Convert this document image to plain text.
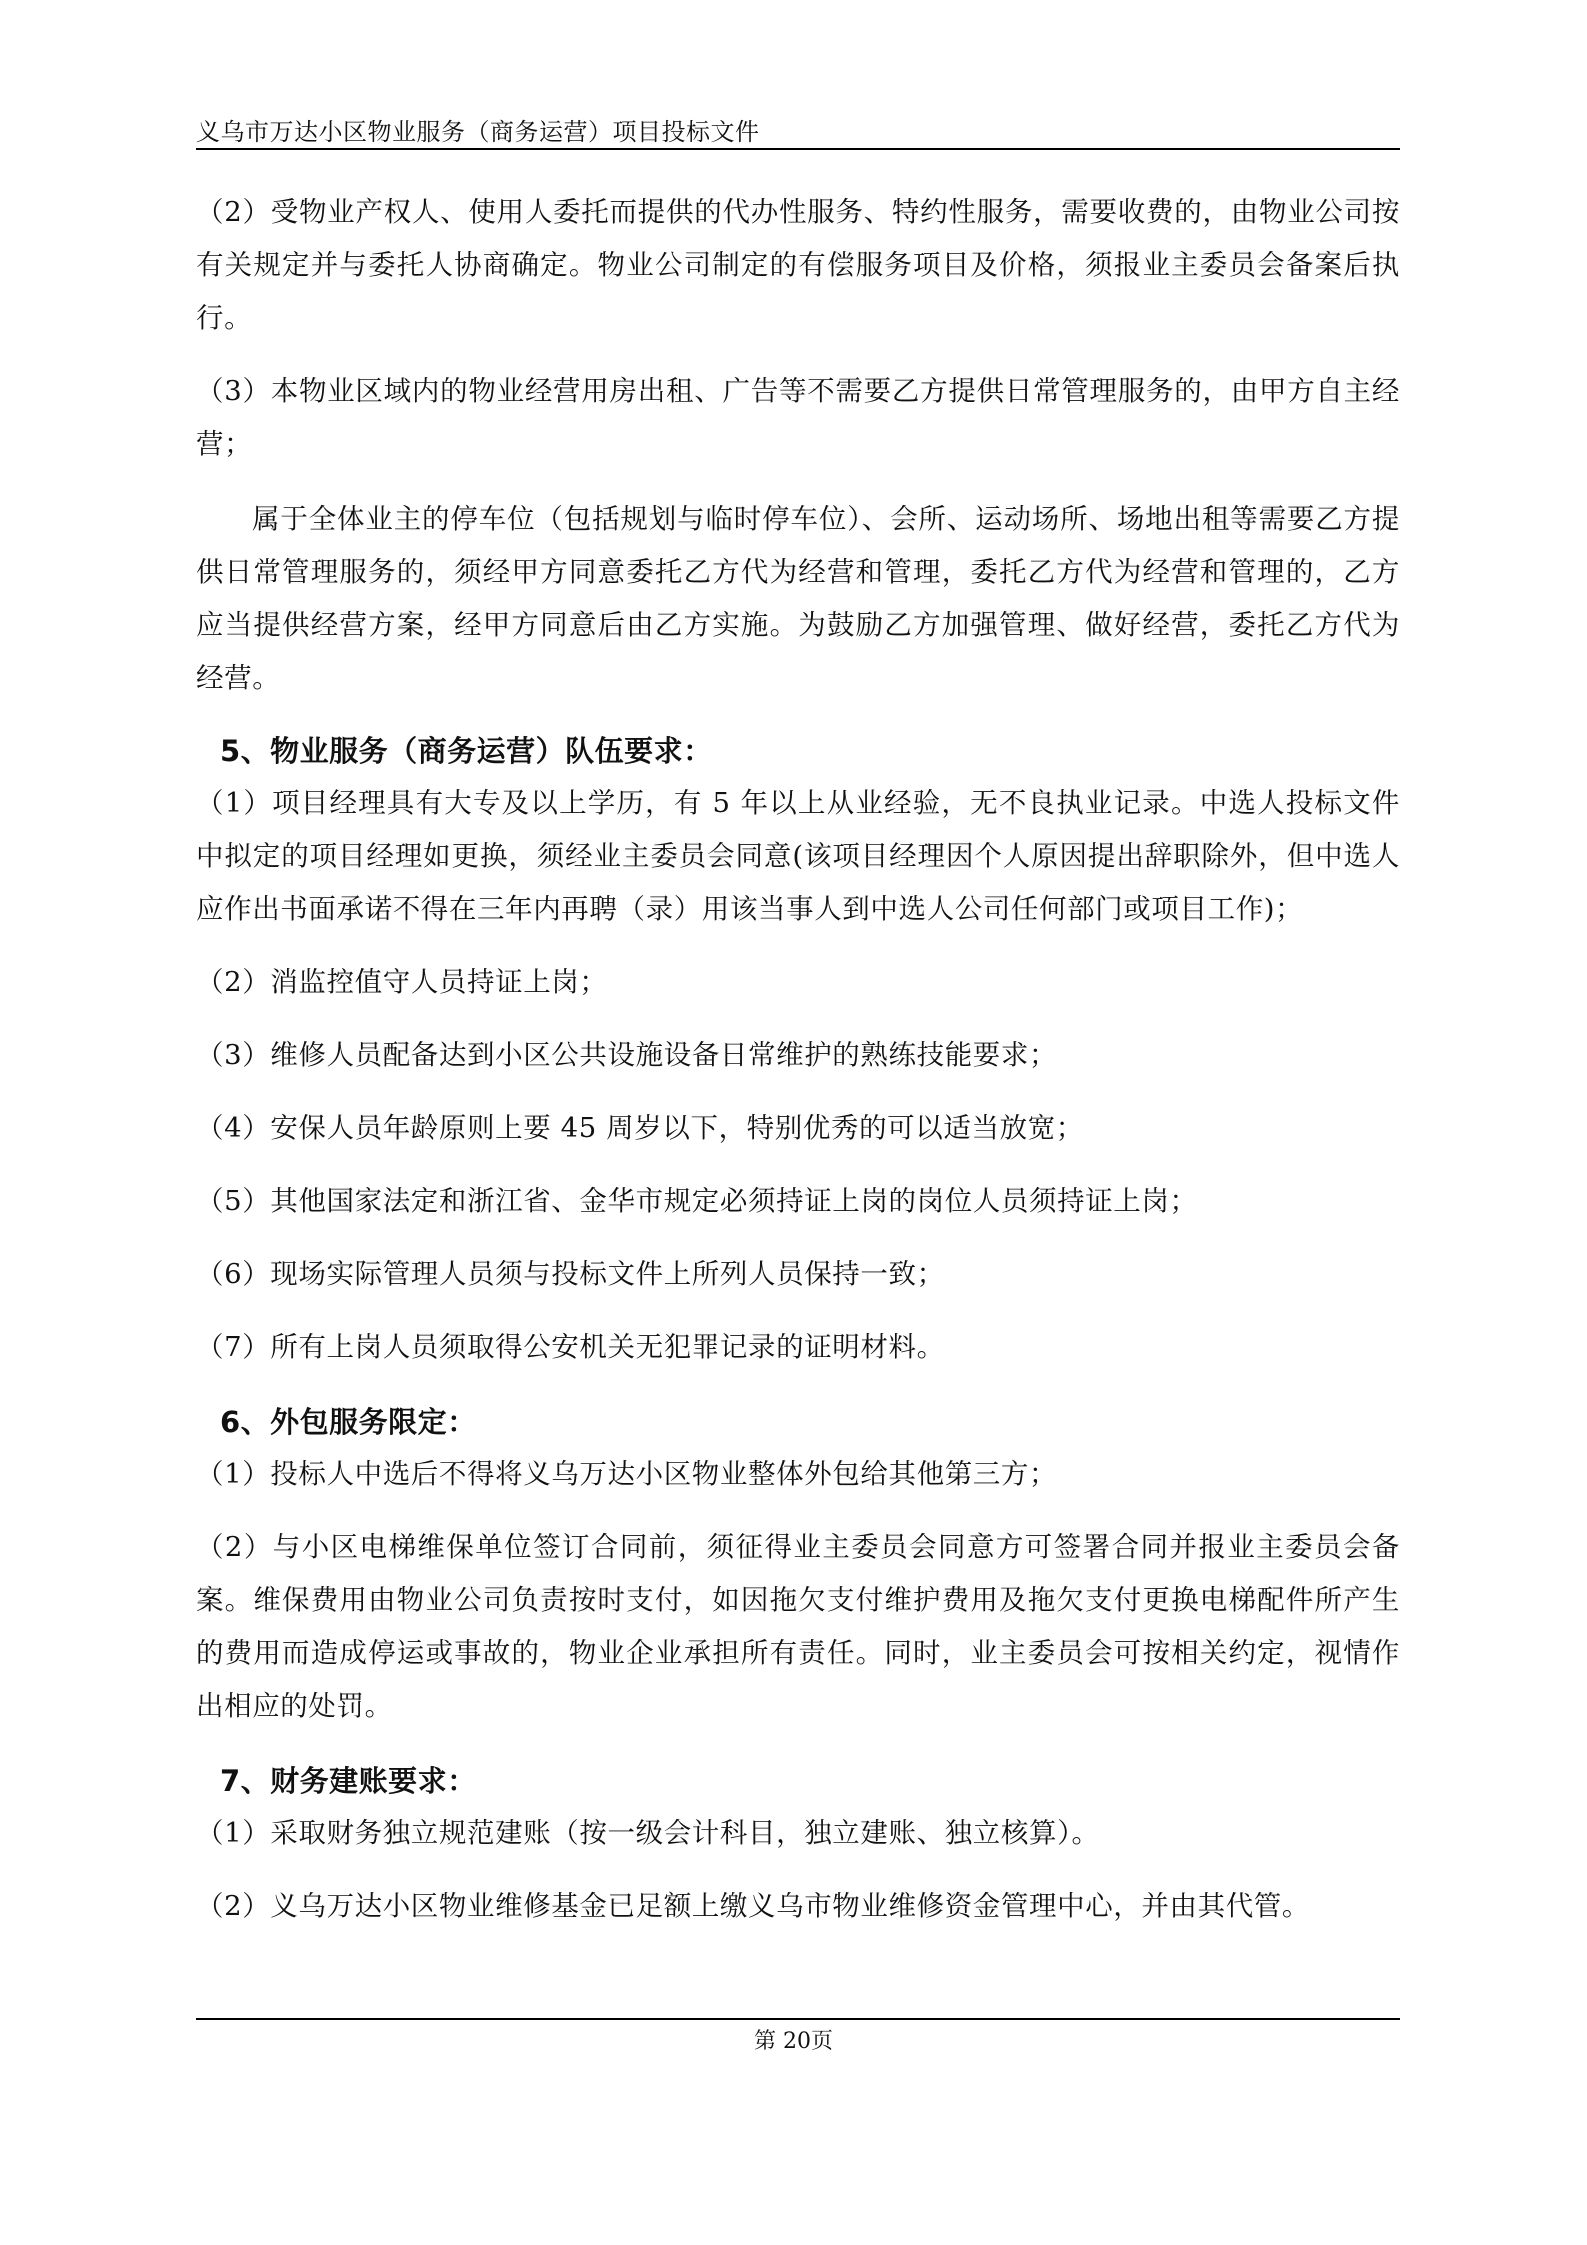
义乌市万达小区物业服务（商务运营）项目投标文件

（2）受物业产权人、使用人委托而提供的代办性服务、特约性服务，需要收费的，由物业公司按有关规定并与委托人协商确定。物业公司制定的有偿服务项目及价格，须报业主委员会备案后执行。

（3）本物业区域内的物业经营用房出租、广告等不需要乙方提供日常管理服务的，由甲方自主经营；

属于全体业主的停车位（包括规划与临时停车位）、会所、运动场所、场地出租等需要乙方提供日常管理服务的，须经甲方同意委托乙方代为经营和管理，委托乙方代为经营和管理的，乙方应当提供经营方案，经甲方同意后由乙方实施。为鼓励乙方加强管理、做好经营，委托乙方代为经营。

5、物业服务（商务运营）队伍要求：

（1）项目经理具有大专及以上学历，有 5 年以上从业经验，无不良执业记录。中选人投标文件中拟定的项目经理如更换，须经业主委员会同意(该项目经理因个人原因提出辞职除外，但中选人应作出书面承诺不得在三年内再聘（录）用该当事人到中选人公司任何部门或项目工作)；

（2）消监控值守人员持证上岗；

（3）维修人员配备达到小区公共设施设备日常维护的熟练技能要求；

（4）安保人员年龄原则上要 45 周岁以下，特别优秀的可以适当放宽；

（5）其他国家法定和浙江省、金华市规定必须持证上岗的岗位人员须持证上岗；

（6）现场实际管理人员须与投标文件上所列人员保持一致；

（7）所有上岗人员须取得公安机关无犯罪记录的证明材料。

6、外包服务限定：

（1）投标人中选后不得将义乌万达小区物业整体外包给其他第三方；

（2）与小区电梯维保单位签订合同前，须征得业主委员会同意方可签署合同并报业主委员会备案。维保费用由物业公司负责按时支付，如因拖欠支付维护费用及拖欠支付更换电梯配件所产生的费用而造成停运或事故的，物业企业承担所有责任。同时，业主委员会可按相关约定，视情作出相应的处罚。

7、财务建账要求：

（1）采取财务独立规范建账（按一级会计科目，独立建账、独立核算）。

（2）义乌万达小区物业维修基金已足额上缴义乌市物业维修资金管理中心，并由其代管。

第 20页
